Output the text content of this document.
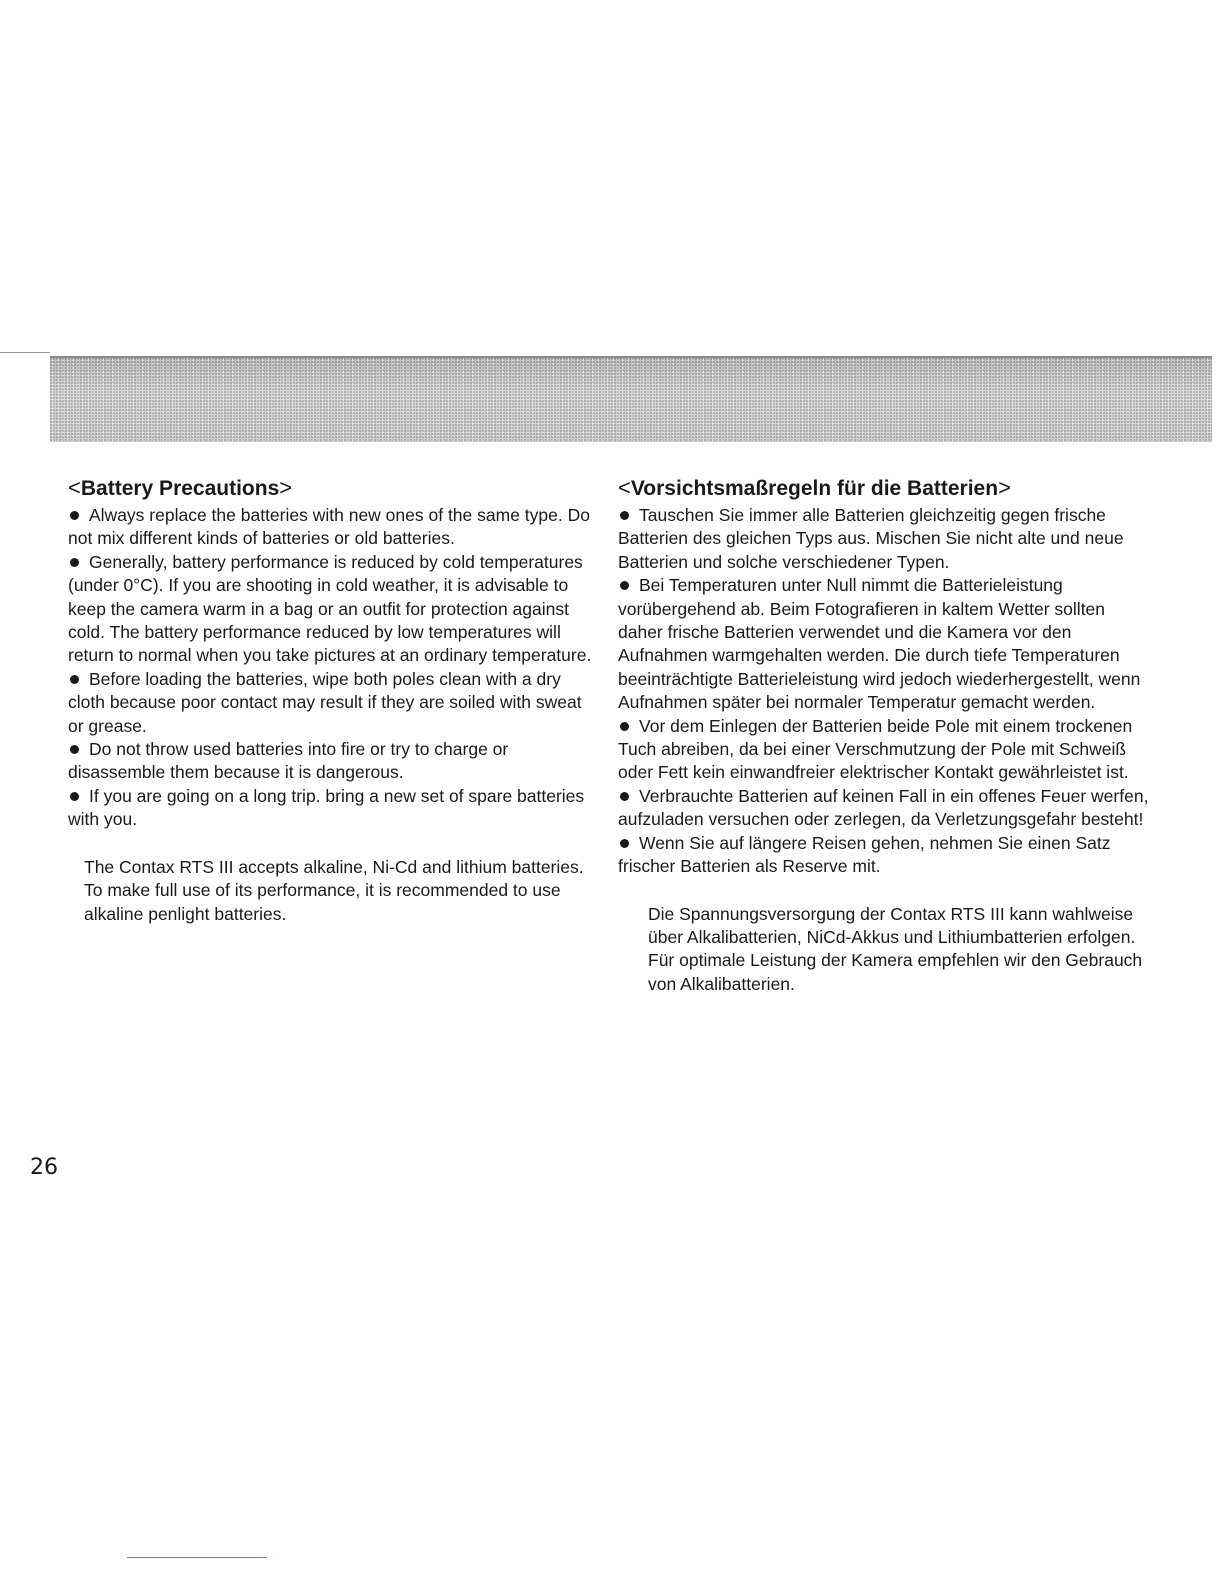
<Battery Precautions>
Always replace the batteries with new ones of the same type. Do not mix different kinds of batteries or old batteries.
Generally, battery performance is reduced by cold temperatures (under 0°C). If you are shooting in cold weather, it is advisable to keep the camera warm in a bag or an outfit for protection against cold. The battery performance reduced by low temperatures will return to normal when you take pictures at an ordinary temperature.
Before loading the batteries, wipe both poles clean with a dry cloth because poor contact may result if they are soiled with sweat or grease.
Do not throw used batteries into fire or try to charge or disassemble them because it is dangerous.
If you are going on a long trip. bring a new set of spare batteries with you.

The Contax RTS III accepts alkaline, Ni-Cd and lithium batteries. To make full use of its performance, it is recommended to use alkaline penlight batteries.

<Vorsichtsmaßregeln für die Batterien>
Tauschen Sie immer alle Batterien gleichzeitig gegen frische Batterien des gleichen Typs aus. Mischen Sie nicht alte und neue Batterien und solche verschiedener Typen.
Bei Temperaturen unter Null nimmt die Batterieleistung vorübergehend ab. Beim Fotografieren in kaltem Wetter sollten daher frische Batterien verwendet und die Kamera vor den Aufnahmen warmgehalten werden. Die durch tiefe Temperaturen beeinträchtigte Batterieleistung wird jedoch wiederhergestellt, wenn Aufnahmen später bei normaler Temperatur gemacht werden.
Vor dem Einlegen der Batterien beide Pole mit einem trockenen Tuch abreiben, da bei einer Verschmutzung der Pole mit Schweiß oder Fett kein einwandfreier elektrischer Kontakt gewährleistet ist.
Verbrauchte Batterien auf keinen Fall in ein offenes Feuer werfen, aufzuladen versuchen oder zerlegen, da Verletzungsgefahr besteht!
Wenn Sie auf längere Reisen gehen, nehmen Sie einen Satz frischer Batterien als Reserve mit.

Die Spannungsversorgung der Contax RTS III kann wahlweise über Alkalibatterien, NiCd-Akkus und Lithiumbatterien erfolgen. Für optimale Leistung der Kamera empfehlen wir den Gebrauch von Alkalibatterien.

26
